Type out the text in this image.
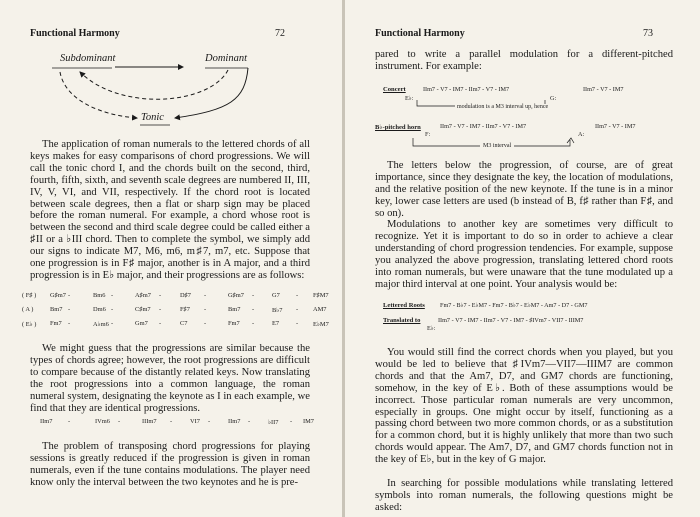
Functional Harmony	72
Subdominant	Dominant
Tonic

The application of roman numerals to the lettered chords of all keys makes for easy comparisons of chord progressions. We will call the tonic chord I, and the chords built on the second, third, fourth, fifth, sixth, and seventh scale degrees are numbered II, III, IV, V, VI, and VII, respectively. If the chord root is located between scale degrees, then a flat or sharp sign may be placed before the roman numeral. For example, a chord whose root is between the second and third scale degree could be called either a ♯II or a ♭III chord. Then to complete the symbol, we simply add our signs to indicate M7, M6, m6, m♯7, m7, etc. Suppose that one progression is in F♯ major, another is in A major, and a third progression is in E♭ major, and their progressions are as follows:

( F♯ ) G♯m7 -	Bm6 -	A♯m7 -	D♯7 -	G♯m7 -	G7	- F♯M7
( A )	Bm7 -	Dm6 -	C♯m7 -	F♯7 -	Bm7 -	B♭7 - AM7
( E♭ ) Fm7 -	A♭m6 -	Gm7 -	C7	-	Fm7 -	E7	- E♭M7

We might guess that the progressions are similar because the types of chords agree; however, the root progressions are difficult to compare because of the distantly related keys. Now translating the root progressions into a common language, the roman numeral system, designating the keynote as I in each example, we find that they are identical progressions.

IIm7 -	IVm6 -	IIIm7 -	VI7 -	IIm7 -	♭II7 - IM7

The problem of transposing chord progressions for playing sessions is greatly reduced if the progression is given in roman numerals, even if the tune contains modulations. The player need know only the interval between the two keynotes and he is pre-

Functional Harmony	73

pared to write a parallel modulation for a different-pitched instrument. For example:

Concert	IIm7 - V7 - IM7 - IIm7 - V7 - IM7	IIm7 - V7 - IM7
E♭:	G:
modulation is a M3 interval up, hence
B♭-pitched horn	IIm7 - V7 - IM7 - IIm7 - V7 - IM7	IIm7 - V7 - IM7
F:	A:
M3 interval

The letters below the progression, of course, are of great importance, since they designate the key, the location of modulations, and the relative position of the new keynote. If the tune is in a minor key, lower case letters are used (b instead of B, f♯ rather than F♯, and so on).

Modulations to another key are sometimes very difficult to recognize. Yet it is important to do so in order to achieve a clear understanding of chord progression tendencies. For example, suppose you analyzed the above progression, translating lettered chord roots into roman numerals, but were unaware that the tune modulated up a major third interval at one point. Your analysis would be:

Lettered Roots Fm7 - B♭7 - E♭M7 - Fm7 - B♭7 - E♭M7 - Am7 - D7 - GM7
Translated to	IIm7 - V7 - IM7 - IIm7 - V7 - IM7 - ♯IVm7 - VII7 - IIIM7
E♭:

You would still find the correct chords when you played, but you would be led to believe that ♯IVm7—VII7—IIIM7 are common chords and that the Am7, D7, and GM7 chords are functioning, somehow, in the key of E♭. Both of these assumptions would be incorrect. Those particular roman numerals are very uncommon, especially in groups. One might occur by itself, functioning as a passing chord between two more common chords, or as a substitution for a common chord, but it is highly unlikely that more than two such chords would appear. The Am7, D7, and GM7 chords function not in the key of E♭, but in the key of G major.

In searching for possible modulations while translating lettered symbols into roman numerals, the following questions might be asked:
